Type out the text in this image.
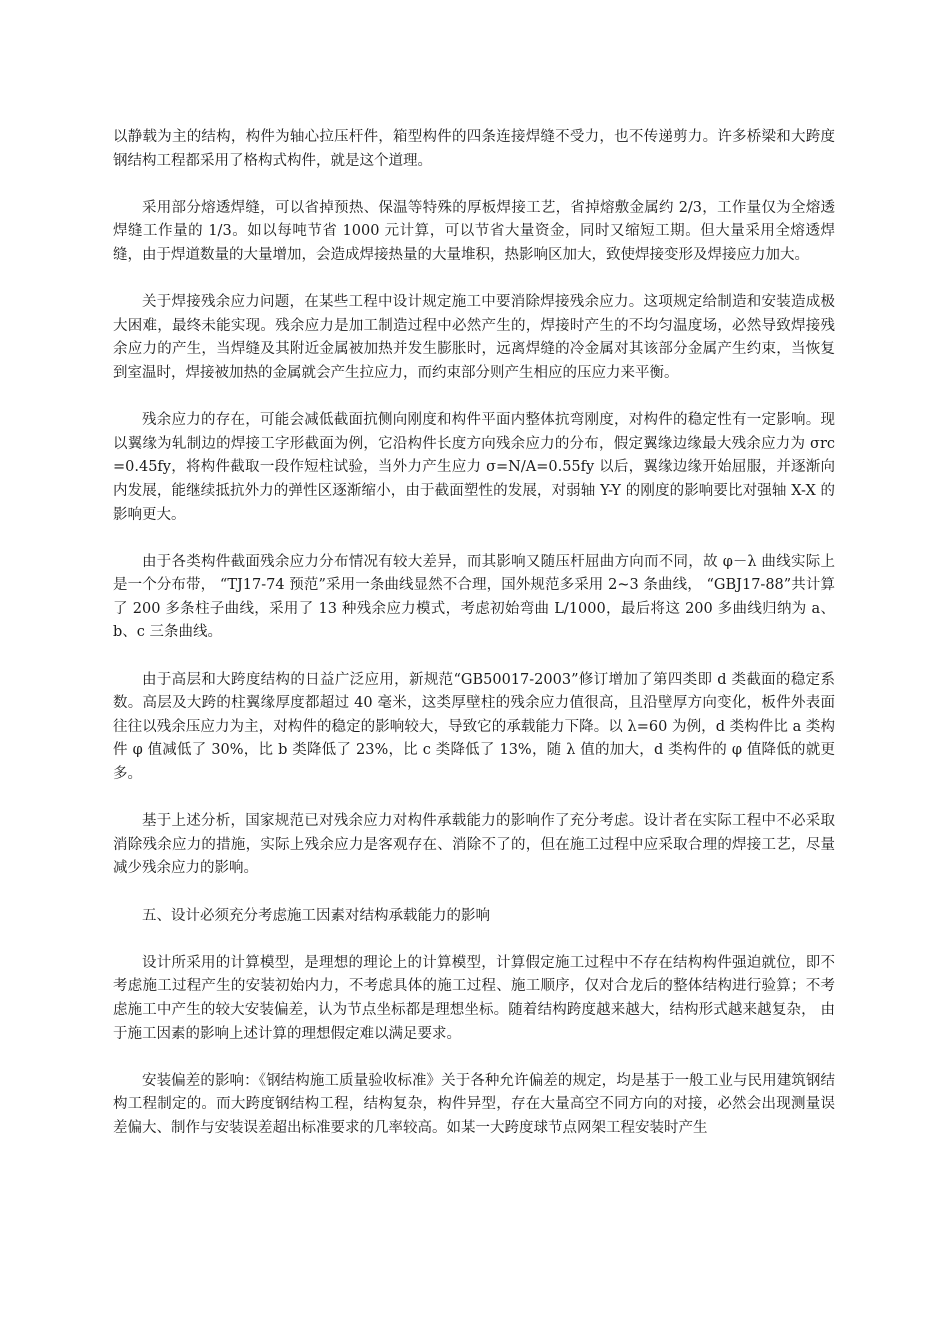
以静载为主的结构，构件为轴心拉压杆件，箱型构件的四条连接焊缝不受力，也不传递剪力。许多桥梁和大跨度钢结构工程都采用了格构式构件，就是这个道理。

采用部分熔透焊缝，可以省掉预热、保温等特殊的厚板焊接工艺，省掉熔敷金属约 2/3，工作量仅为全熔透焊缝工作量的 1/3。如以每吨节省 1000 元计算，可以节省大量资金，同时又缩短工期。但大量采用全熔透焊缝，由于焊道数量的大量增加，会造成焊接热量的大量堆积，热影响区加大，致使焊接变形及焊接应力加大。

关于焊接残余应力问题，在某些工程中设计规定施工中要消除焊接残余应力。这项规定给制造和安装造成极大困难，最终未能实现。残余应力是加工制造过程中必然产生的，焊接时产生的不均匀温度场，必然导致焊接残余应力的产生，当焊缝及其附近金属被加热并发生膨胀时，远离焊缝的冷金属对其该部分金属产生约束，当恢复到室温时，焊接被加热的金属就会产生拉应力，而约束部分则产生相应的压应力来平衡。

残余应力的存在，可能会减低截面抗侧向刚度和构件平面内整体抗弯刚度，对构件的稳定性有一定影响。现以翼缘为轧制边的焊接工字形截面为例，它沿构件长度方向残余应力的分布，假定翼缘边缘最大残余应力为 σrc=0.45fy，将构件截取一段作短柱试验，当外力产生应力 σ=N/A=0.55fy 以后，翼缘边缘开始屈服，并逐渐向内发展，能继续抵抗外力的弹性区逐渐缩小，由于截面塑性的发展，对弱轴 Y-Y 的刚度的影响要比对强轴 X-X 的影响更大。

由于各类构件截面残余应力分布情况有较大差异，而其影响又随压杆屈曲方向而不同，故 φ－λ 曲线实际上是一个分布带， “TJ17-74 预范”采用一条曲线显然不合理，国外规范多采用 2~3 条曲线， “GBJ17-88”共计算了 200 多条柱子曲线，采用了 13 种残余应力模式，考虑初始弯曲 L/1000，最后将这 200 多曲线归纳为 a、b、c 三条曲线。

由于高层和大跨度结构的日益广泛应用，新规范“GB50017-2003”修订增加了第四类即 d 类截面的稳定系数。高层及大跨的柱翼缘厚度都超过 40 毫米，这类厚壁柱的残余应力值很高，且沿壁厚方向变化，板件外表面往往以残余压应力为主，对构件的稳定的影响较大，导致它的承载能力下降。以 λ=60 为例，d 类构件比 a 类构件 φ 值减低了 30%，比 b 类降低了 23%，比 c 类降低了 13%，随 λ 值的加大，d 类构件的 φ 值降低的就更多。

基于上述分析，国家规范已对残余应力对构件承载能力的影响作了充分考虑。设计者在实际工程中不必采取消除残余应力的措施，实际上残余应力是客观存在、消除不了的，但在施工过程中应采取合理的焊接工艺，尽量减少残余应力的影响。

五、设计必须充分考虑施工因素对结构承载能力的影响

设计所采用的计算模型，是理想的理论上的计算模型，计算假定施工过程中不存在结构构件强迫就位，即不考虑施工过程产生的安装初始内力，不考虑具体的施工过程、施工顺序，仅对合龙后的整体结构进行验算；不考虑施工中产生的较大安装偏差，认为节点坐标都是理想坐标。随着结构跨度越来越大，结构形式越来越复杂， 由于施工因素的影响上述计算的理想假定难以满足要求。

安装偏差的影响：《钢结构施工质量验收标准》关于各种允许偏差的规定，均是基于一般工业与民用建筑钢结构工程制定的。而大跨度钢结构工程，结构复杂，构件异型，存在大量高空不同方向的对接，必然会出现测量误差偏大、制作与安装误差超出标准要求的几率较高。如某一大跨度球节点网架工程安装时产生
